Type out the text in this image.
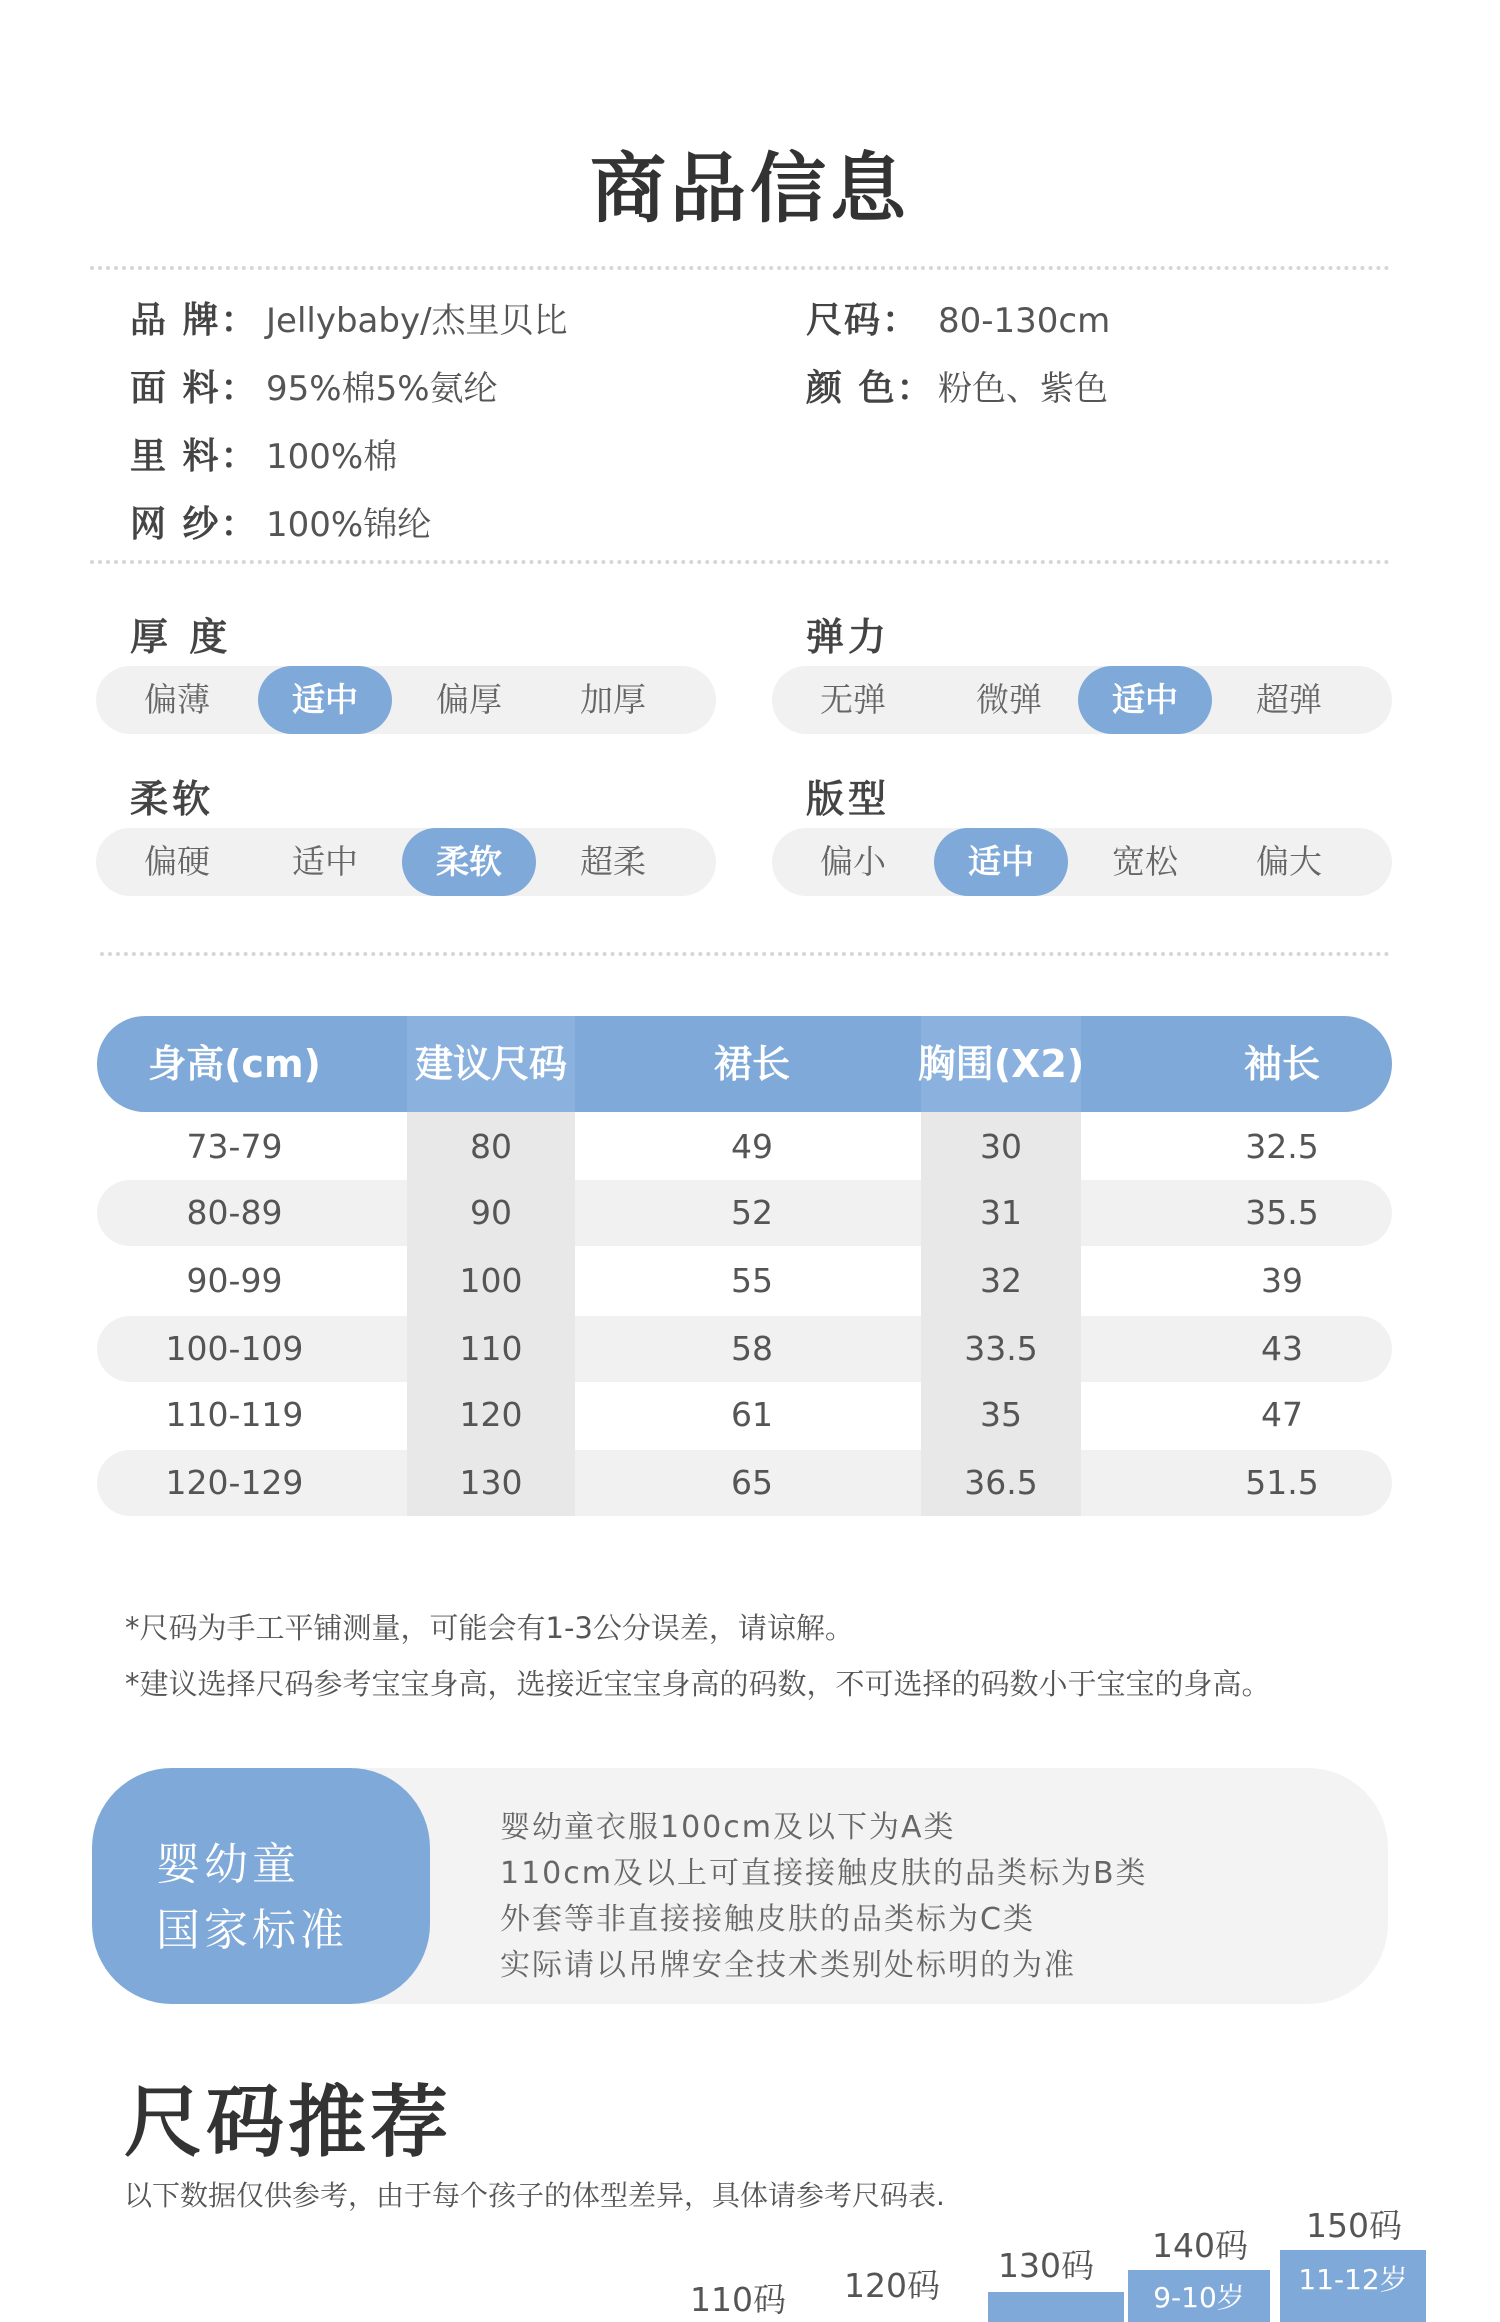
商品信息
品 牌： Jellybaby/杰里贝比
面 料： 95%棉5%氨纶
里 料： 100%棉
网 纱： 100%锦纶
尺码： 80-130cm
颜 色： 粉色、紫色
厚 度
偏薄	适中	偏厚	加厚
弹力
无弹	微弹	适中	超弹
柔软
偏硬	适中	柔软	超柔
版型
偏小	适中	宽松	偏大
身高(cm)	建议尺码	裙长	胸围(X2)	袖长
73-79	80	49	30	32.5
80-89	90	52	31	35.5
90-99	100	55	32	39
100-109	110	58	33.5	43
110-119	120	61	35	47
120-129	130	65	36.5	51.5
*尺码为手工平铺测量，可能会有1-3公分误差，请谅解。
*建议选择尺码参考宝宝身高，选接近宝宝身高的码数，不可选择的码数小于宝宝的身高。
婴幼童
国家标准
婴幼童衣服100cm及以下为A类
110cm及以上可直接接触皮肤的品类标为B类
外套等非直接接触皮肤的品类标为C类
实际请以吊牌安全技术类别处标明的为准
尺码推荐
以下数据仅供参考，由于每个孩子的体型差异，具体请参考尺码表.
110码 120码
130码
140码
150码
9-10岁
11-12岁
